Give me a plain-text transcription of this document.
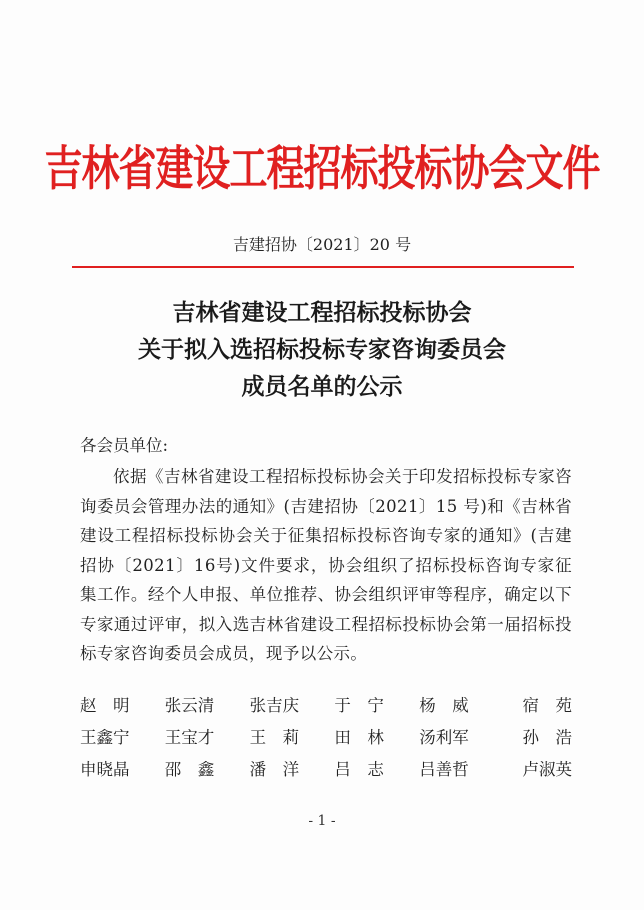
吉林省建设工程招标投标协会文件
吉建招协〔2021〕20 号
吉林省建设工程招标投标协会
关于拟入选招标投标专家咨询委员会
成员名单的公示
各会员单位:
依据《吉林省建设工程招标投标协会关于印发招标投标专家咨询委员会管理办法的通知》(吉建招协〔2021〕15 号)和《吉林省建设工程招标投标协会关于征集招标投标咨询专家的通知》(吉建招协〔2021〕16号)文件要求，协会组织了招标投标咨询专家征集工作。经个人申报、单位推荐、协会组织评审等程序，确定以下专家通过评审，拟入选吉林省建设工程招标投标协会第一届招标投标专家咨询委员会成员，现予以公示。
赵　明	张云清	张吉庆	于　宁	杨　威	宿　苑
王鑫宁	王宝才	王　莉	田　林	汤利军	孙　浩
申晓晶	邵　鑫	潘　洋	吕　志	吕善哲	卢淑英
- 1 -
